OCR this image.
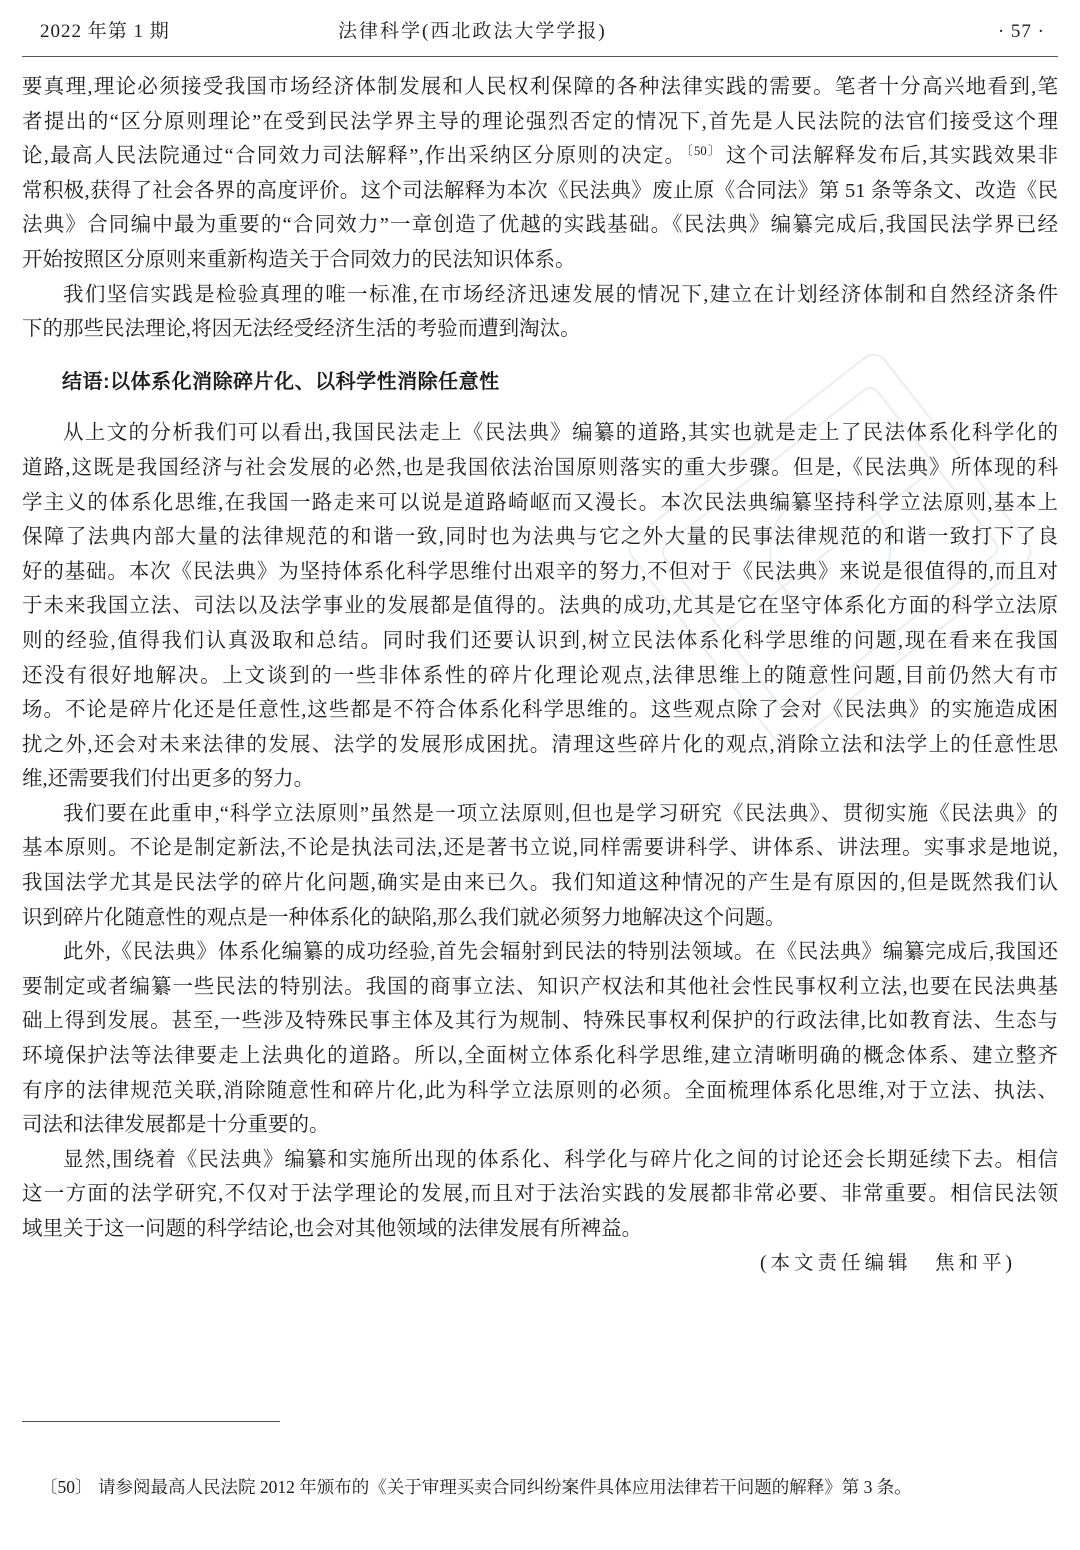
2022 年第 1 期	法律科学(西北政法大学学报)	· 57 ·
要真理,理论必须接受我国市场经济体制发展和人民权利保障的各种法律实践的需要。笔者十分高兴地看到,笔
者提出的“区分原则理论”在受到民法学界主导的理论强烈否定的情况下,首先是人民法院的法官们接受这个理
论,最高人民法院通过“合同效力司法解释”,作出采纳区分原则的决定。$^{〔50〕}$ 这个司法解释发布后,其实践效果非
常积极,获得了社会各界的高度评价。这个司法解释为本次《民法典》废止原《合同法》第 51 条等条文、改造《民
法典》合同编中最为重要的“合同效力”一章创造了优越的实践基础。《民法典》编纂完成后,我国民法学界已经
开始按照区分原则来重新构造关于合同效力的民法知识体系。
我们坚信实践是检验真理的唯一标准,在市场经济迅速发展的情况下,建立在计划经济体制和自然经济条件
下的那些民法理论,将因无法经受经济生活的考验而遭到淘汰。
结语:以体系化消除碎片化、以科学性消除任意性
从上文的分析我们可以看出,我国民法走上《民法典》编纂的道路,其实也就是走上了民法体系化科学化的
道路,这既是我国经济与社会发展的必然,也是我国依法治国原则落实的重大步骤。但是,《民法典》所体现的科
学主义的体系化思维,在我国一路走来可以说是道路崎岖而又漫长。本次民法典编纂坚持科学立法原则,基本上
保障了法典内部大量的法律规范的和谐一致,同时也为法典与它之外大量的民事法律规范的和谐一致打下了良
好的基础。本次《民法典》为坚持体系化科学思维付出艰辛的努力,不但对于《民法典》来说是很值得的,而且对
于未来我国立法、司法以及法学事业的发展都是值得的。法典的成功,尤其是它在坚守体系化方面的科学立法原
则的经验,值得我们认真汲取和总结。同时我们还要认识到,树立民法体系化科学思维的问题,现在看来在我国
还没有很好地解决。上文谈到的一些非体系性的碎片化理论观点,法律思维上的随意性问题,目前仍然大有市
场。不论是碎片化还是任意性,这些都是不符合体系化科学思维的。这些观点除了会对《民法典》的实施造成困
扰之外,还会对未来法律的发展、法学的发展形成困扰。清理这些碎片化的观点,消除立法和法学上的任意性思
维,还需要我们付出更多的努力。
我们要在此重申,“科学立法原则”虽然是一项立法原则,但也是学习研究《民法典》、贯彻实施《民法典》的
基本原则。不论是制定新法,不论是执法司法,还是著书立说,同样需要讲科学、讲体系、讲法理。实事求是地说,
我国法学尤其是民法学的碎片化问题,确实是由来已久。我们知道这种情况的产生是有原因的,但是既然我们认
识到碎片化随意性的观点是一种体系化的缺陷,那么我们就必须努力地解决这个问题。
此外,《民法典》体系化编纂的成功经验,首先会辐射到民法的特别法领域。在《民法典》编纂完成后,我国还
要制定或者编纂一些民法的特别法。我国的商事立法、知识产权法和其他社会性民事权利立法,也要在民法典基
础上得到发展。甚至,一些涉及特殊民事主体及其行为规制、特殊民事权利保护的行政法律,比如教育法、生态与
环境保护法等法律要走上法典化的道路。所以,全面树立体系化科学思维,建立清晰明确的概念体系、建立整齐
有序的法律规范关联,消除随意性和碎片化,此为科学立法原则的必须。全面梳理体系化思维,对于立法、执法、
司法和法律发展都是十分重要的。
显然,围绕着《民法典》编纂和实施所出现的体系化、科学化与碎片化之间的讨论还会长期延续下去。相信
这一方面的法学研究,不仅对于法学理论的发展,而且对于法治实践的发展都非常必要、非常重要。相信民法领
域里关于这一问题的科学结论,也会对其他领域的法律发展有所裨益。
(本文责任编辑　焦和平)
〔50〕 请参阅最高人民法院 2012 年颁布的《关于审理买卖合同纠纷案件具体应用法律若干问题的解释》第 3 条。
